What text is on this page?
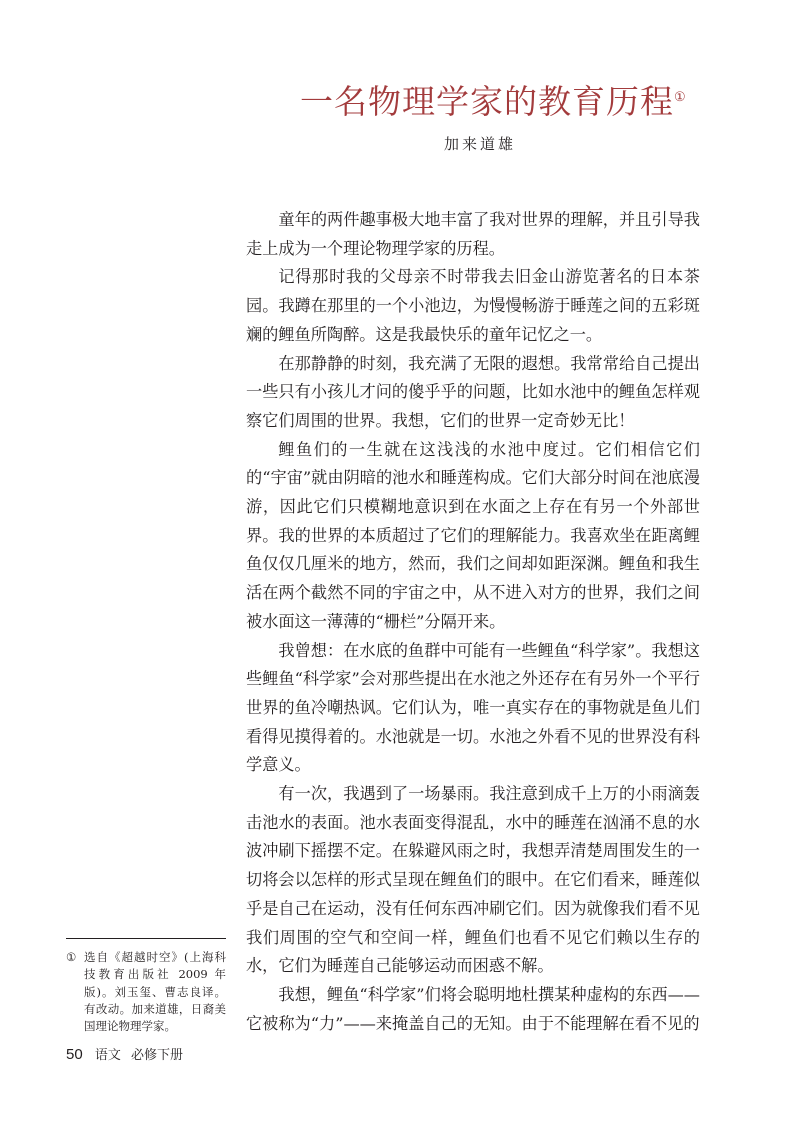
一名物理学家的教育历程①
加来道雄

童年的两件趣事极大地丰富了我对世界的理解，并且引导我走上成为一个理论物理学家的历程。

记得那时我的父母亲不时带我去旧金山游览著名的日本茶园。我蹲在那里的一个小池边，为慢慢畅游于睡莲之间的五彩斑斓的鲤鱼所陶醉。这是我最快乐的童年记忆之一。

在那静静的时刻，我充满了无限的遐想。我常常给自己提出一些只有小孩儿才问的傻乎乎的问题，比如水池中的鲤鱼怎样观察它们周围的世界。我想，它们的世界一定奇妙无比！

鲤鱼们的一生就在这浅浅的水池中度过。它们相信它们的“宇宙”就由阴暗的池水和睡莲构成。它们大部分时间在池底漫游，因此它们只模糊地意识到在水面之上存在有另一个外部世界。我的世界的本质超过了它们的理解能力。我喜欢坐在距离鲤鱼仅仅几厘米的地方，然而，我们之间却如距深渊。鲤鱼和我生活在两个截然不同的宇宙之中，从不进入对方的世界，我们之间被水面这一薄薄的“栅栏”分隔开来。

我曾想：在水底的鱼群中可能有一些鲤鱼“科学家”。我想这些鲤鱼“科学家”会对那些提出在水池之外还存在有另外一个平行世界的鱼冷嘲热讽。它们认为，唯一真实存在的事物就是鱼儿们看得见摸得着的。水池就是一切。水池之外看不见的世界没有科学意义。

有一次，我遇到了一场暴雨。我注意到成千上万的小雨滴轰击池水的表面。池水表面变得混乱，水中的睡莲在汹涌不息的水波冲刷下摇摆不定。在躲避风雨之时，我想弄清楚周围发生的一切将会以怎样的形式呈现在鲤鱼们的眼中。在它们看来，睡莲似乎是自己在运动，没有任何东西冲刷它们。因为就像我们看不见我们周围的空气和空间一样，鲤鱼们也看不见它们赖以生存的水，它们为睡莲自己能够运动而困惑不解。

我想，鲤鱼“科学家”们将会聪明地杜撰某种虚构的东西——它被称为“力”——来掩盖自己的无知。由于不能理解在看不见的

① 选自《超越时空》(上海科技教育出版社 2009 年版)。刘玉玺、曹志良译。有改动。加来道雄，日裔美国理论物理学家。
50 语文 必修下册
